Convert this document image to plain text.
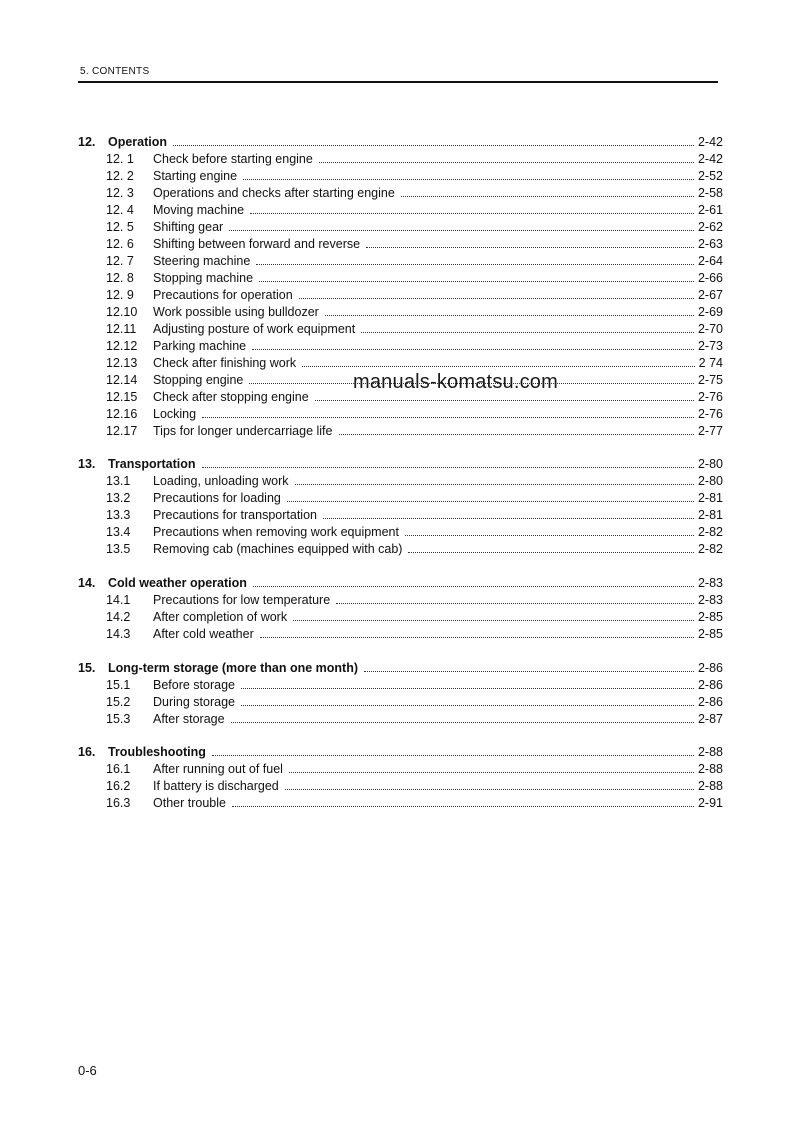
5. CONTENTS
12. Operation	2-42
12. 1 Check before starting engine	2-42
12. 2 Starting engine	2-52
12. 3 Operations and checks after starting engine	2-58
12. 4 Moving machine	2-61
12. 5 Shifting gear	2-62
12. 6 Shifting between forward and reverse	2-63
12. 7 Steering machine	2-64
12. 8 Stopping machine	2-66
12. 9 Precautions for operation	2-67
12.10 Work possible using bulldozer	2-69
12.11 Adjusting posture of work equipment	2-70
12.12 Parking machine	2-73
12.13 Check after finishing work	2 74
12.14 Stopping engine	2-75
12.15 Check after stopping engine	2-76
12.16 Locking	2-76
12.17 Tips for longer undercarriage life	2-77
13. Transportation	2-80
13.1 Loading, unloading work	2-80
13.2 Precautions for loading	2-81
13.3 Precautions for transportation	2-81
13.4 Precautions when removing work equipment	2-82
13.5 Removing cab (machines equipped with cab)	2-82
14. Cold weather operation	2-83
14.1 Precautions for low temperature	2-83
14.2 After completion of work	2-85
14.3 After cold weather	2-85
15. Long-term storage (more than one month)	2-86
15.1 Before storage	2-86
15.2 During storage	2-86
15.3 After storage	2-87
16. Troubleshooting	2-88
16.1 After running out of fuel	2-88
16.2 If battery is discharged	2-88
16.3 Other trouble	2-91
manuals-komatsu.com
0-6
